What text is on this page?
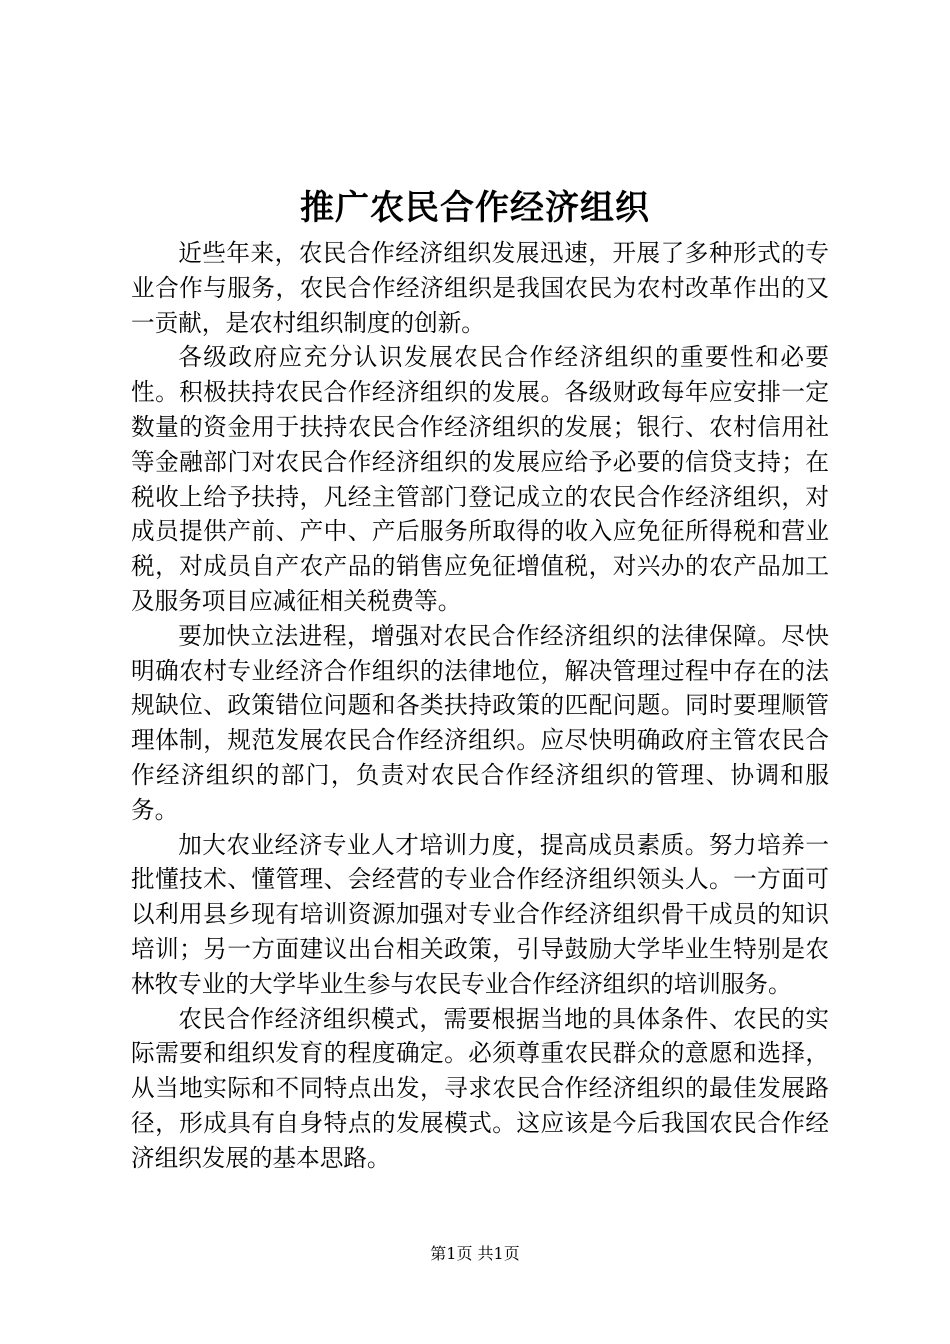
推广农民合作经济组织

近些年来，农民合作经济组织发展迅速，开展了多种形式的专业合作与服务，农民合作经济组织是我国农民为农村改革作出的又一贡献，是农村组织制度的创新。

各级政府应充分认识发展农民合作经济组织的重要性和必要性。积极扶持农民合作经济组织的发展。各级财政每年应安排一定数量的资金用于扶持农民合作经济组织的发展；银行、农村信用社等金融部门对农民合作经济组织的发展应给予必要的信贷支持；在税收上给予扶持，凡经主管部门登记成立的农民合作经济组织，对成员提供产前、产中、产后服务所取得的收入应免征所得税和营业税，对成员自产农产品的销售应免征增值税，对兴办的农产品加工及服务项目应减征相关税费等。

要加快立法进程，增强对农民合作经济组织的法律保障。尽快明确农村专业经济合作组织的法律地位，解决管理过程中存在的法规缺位、政策错位问题和各类扶持政策的匹配问题。同时要理顺管理体制，规范发展农民合作经济组织。应尽快明确政府主管农民合作经济组织的部门，负责对农民合作经济组织的管理、协调和服务。

加大农业经济专业人才培训力度，提高成员素质。努力培养一批懂技术、懂管理、会经营的专业合作经济组织领头人。一方面可以利用县乡现有培训资源加强对专业合作经济组织骨干成员的知识培训；另一方面建议出台相关政策，引导鼓励大学毕业生特别是农林牧专业的大学毕业生参与农民专业合作经济组织的培训服务。

农民合作经济组织模式，需要根据当地的具体条件、农民的实际需要和组织发育的程度确定。必须尊重农民群众的意愿和选择，从当地实际和不同特点出发，寻求农民合作经济组织的最佳发展路径，形成具有自身特点的发展模式。这应该是今后我国农民合作经济组织发展的基本思路。

第1页 共1页
